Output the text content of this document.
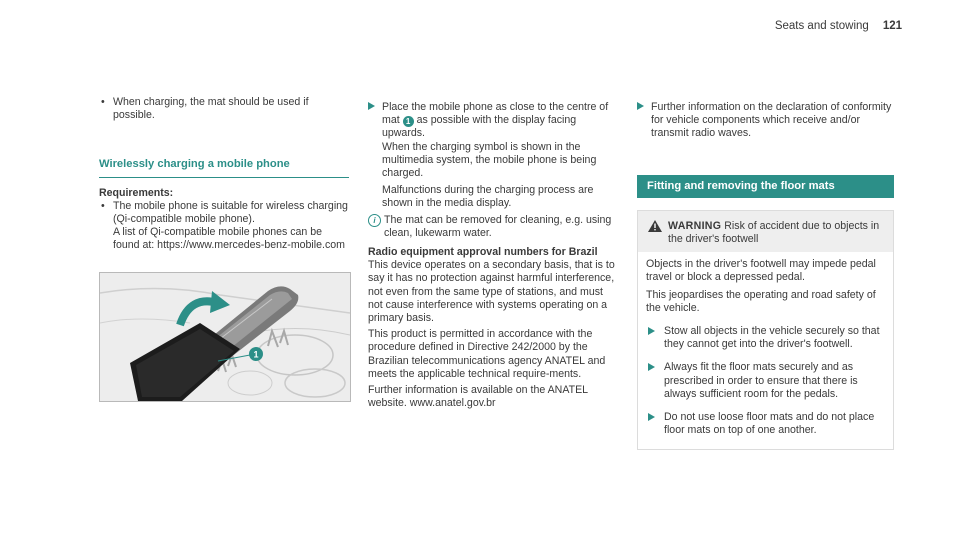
Seats and stowing 121
• When charging, the mat should be used if possible.
Wirelessly charging a mobile phone
Requirements:
• The mobile phone is suitable for wireless charging (Qi-compatible mobile phone).

A list of Qi-compatible mobile phones can be found at: https://www.mercedes-benz-mobile.com

1

Place the mobile phone as close to the centre of mat 1 as possible with the display facing upwards.

When the charging symbol is shown in the multimedia system, the mobile phone is being charged.

Malfunctions during the charging process are shown in the media display.

i The mat can be removed for cleaning, e.g. using clean, lukewarm water.

Radio equipment approval numbers for Brazil

This device operates on a secondary basis, that is to say it has no protection against harmful interference, not even from the same type of stations, and must not cause interference with systems operating on a primary basis.

This product is permitted in accordance with the procedure defined in Directive 242/2000 by the Brazilian telecommunications agency ANATEL and meets the applicable technical require-ments.

Further information is available on the ANATEL website. www.anatel.gov.br

Further information on the declaration of conformity for vehicle components which receive and/or transmit radio waves.

Fitting and removing the floor mats
WARNING Risk of accident due to objects in the driver's footwell

Objects in the driver's footwell may impede pedal travel or block a depressed pedal.

This jeopardises the operating and road safety of the vehicle.

Stow all objects in the vehicle securely so that they cannot get into the driver's footwell.

Always fit the floor mats securely and as prescribed in order to ensure that there is always sufficient room for the pedals.

Do not use loose floor mats and do not place floor mats on top of one another.
